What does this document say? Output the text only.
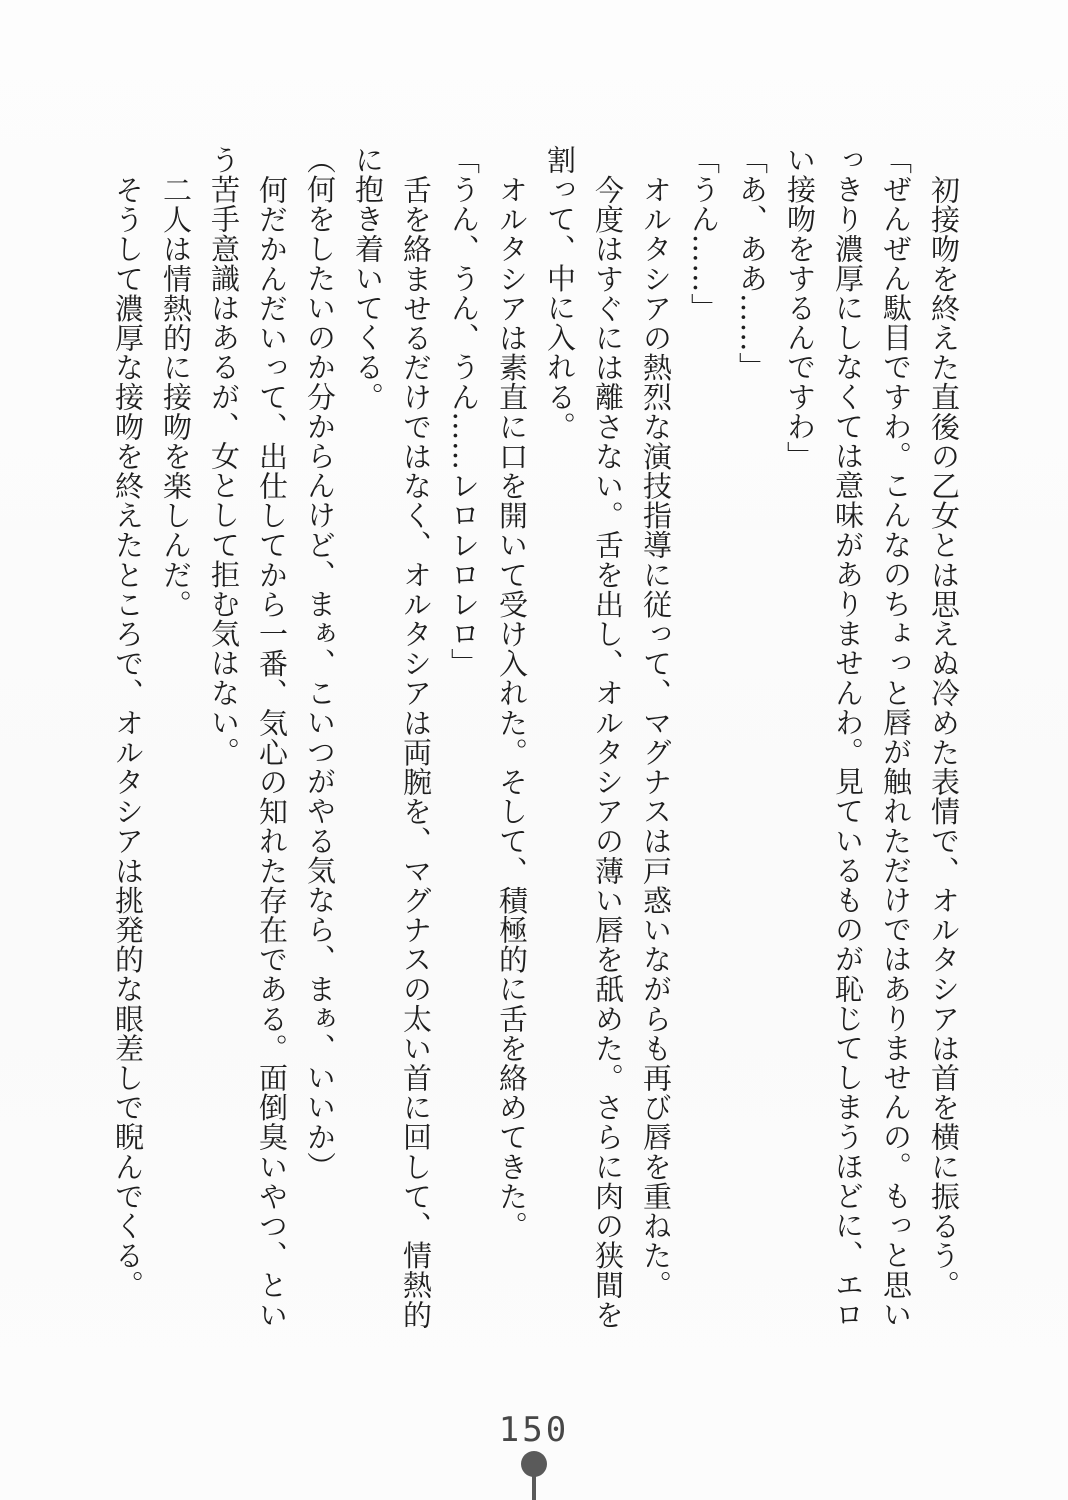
初接吻を終えた直後の乙女とは思えぬ冷めた表情で、オルタシアは首を横に振るう。

「ぜんぜん駄目ですわ。こんなのちょっと唇が触れただけではありませんの。もっと思い

っきり濃厚にしなくては意味がありませんわ。見ているものが恥じてしまうほどに、エロ

い接吻をするんですわ」

「あ、ああ……」

「うん……」

オルタシアの熱烈な演技指導に従って、マグナスは戸惑いながらも再び唇を重ねた。

今度はすぐには離さない。舌を出し、オルタシアの薄い唇を舐めた。さらに肉の狭間を

割って、中に入れる。

オルタシアは素直に口を開いて受け入れた。そして、積極的に舌を絡めてきた。

「うん、うん、うん……レロレロレロ」

舌を絡ませるだけではなく、オルタシアは両腕を、マグナスの太い首に回して、情熱的

に抱き着いてくる。

（何をしたいのか分からんけど、まぁ、こいつがやる気なら、まぁ、いいか）

何だかんだいって、出仕してから一番、気心の知れた存在である。面倒臭いやつ、とい

う苦手意識はあるが、女として拒む気はない。

二人は情熱的に接吻を楽しんだ。

そうして濃厚な接吻を終えたところで、オルタシアは挑発的な眼差しで睨んでくる。

150
